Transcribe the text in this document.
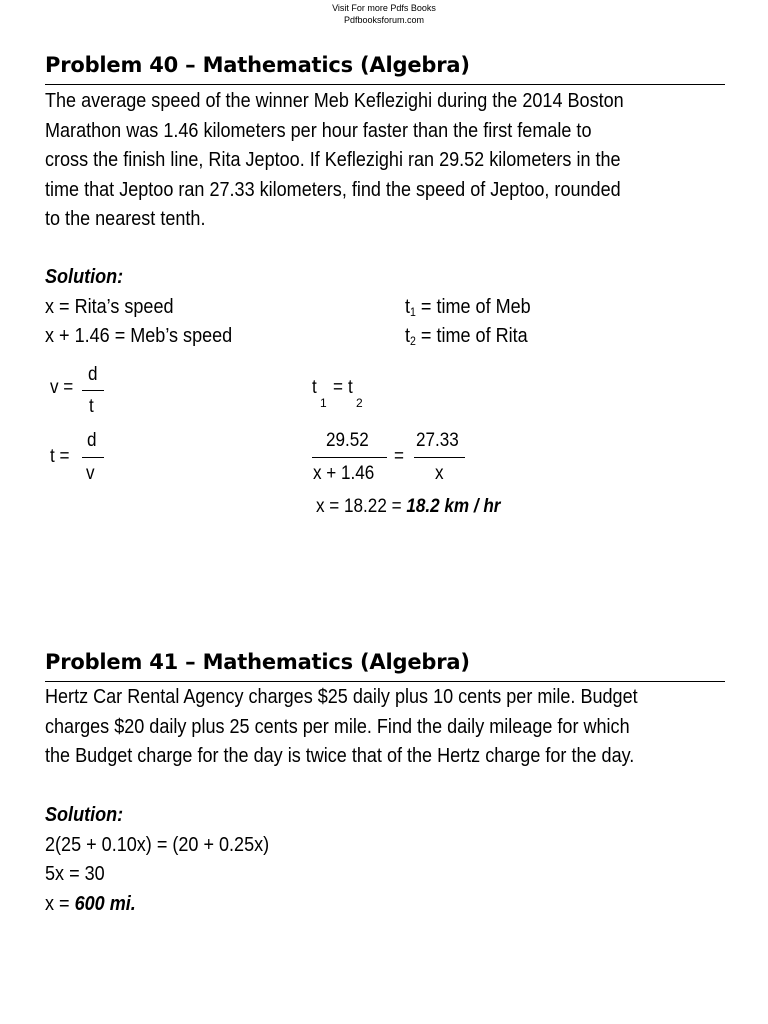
Visit For more Pdfs Books
Pdfbooksforum.com
Problem 40 – Mathematics (Algebra)
The average speed of the winner Meb Keflezighi during the 2014 Boston
Marathon was 1.46 kilometers per hour faster than the first female to
cross the finish line, Rita Jeptoo. If Keflezighi ran 29.52 kilometers in the
time that Jeptoo ran 27.33 kilometers, find the speed of Jeptoo, rounded
to the nearest tenth.
Solution:
x = Rita’s speed
x + 1.46 = Meb’s speed
$t_1$ = time of Meb
$t_2$ = time of Rita
v =
d
t
t =
d
v
t
1
= t
2
29.52
x + 1.46
=
27.33
x
x = 18.22 = 18.2 km / hr
Problem 41 – Mathematics (Algebra)
Hertz Car Rental Agency charges $25 daily plus 10 cents per mile. Budget
charges $20 daily plus 25 cents per mile. Find the daily mileage for which
the Budget charge for the day is twice that of the Hertz charge for the day.
Solution:
2(25 + 0.10x) = (20 + 0.25x)
5x = 30
x = 600 mi.
